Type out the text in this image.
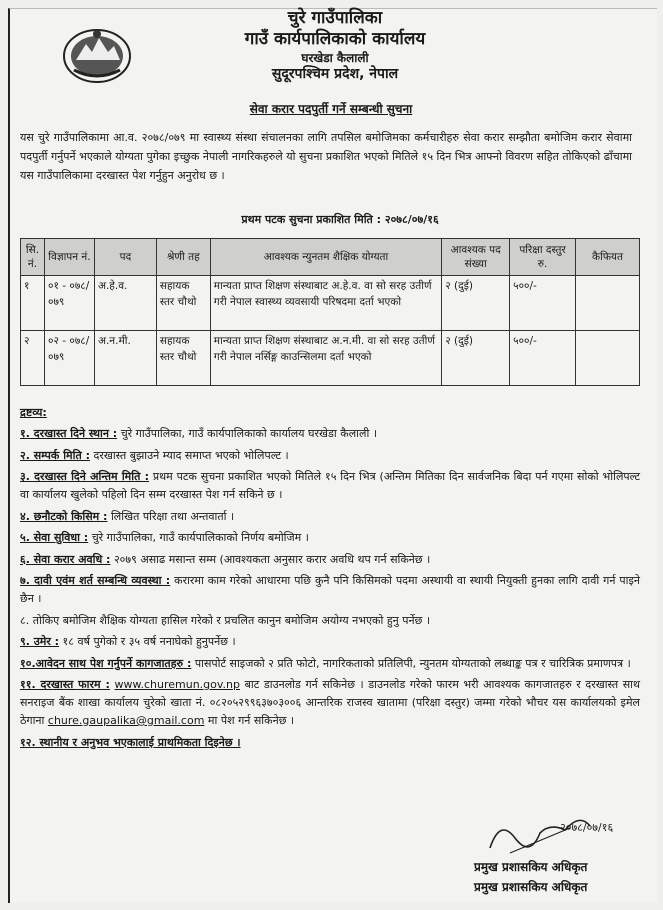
चुरे गाउँपालिका
गाउँ कार्यपालिकाको कार्यालय
घरखेडा कैलाली
सुदूरपश्चिम प्रदेश, नेपाल
सेवा करार पदपुर्ती गर्ने सम्बन्धी सुचना
यस चुरे गाउँपालिकामा आ.व. २०७८/०७९ मा स्वास्थ्य संस्था संचालनका लागि तपसिल बमोजिमका कर्मचारीहरु सेवा करार सम्झौता बमोजिम करार सेवामा पदपुर्ती गर्नुपर्ने भएकाले योग्यता पुगेका इच्छुक नेपाली नागरिकहरुले यो सुचना प्रकाशित भएको मितिले १५ दिन भित्र आफ्नो विवरण सहित तोकिएको ढाँचामा यस गाउँपालिकामा दरखास्त पेश गर्नुहुन अनुरोध छ ।
प्रथम पटक सुचना प्रकाशित मिति : २०७८/०७/१६
सि. नं.	विज्ञापन नं.	पद	श्रेणी तह	आवश्यक न्युनतम शैक्षिक योग्यता	आवश्यक पद संख्या	परिक्षा दस्तुर रु.	कैफियत
१	०१ - ०७८/ ०७९	अ.हे.व.	सहायक स्तर चौथो	मान्यता प्राप्त शिक्षण संस्थाबाट अ.हे.व. वा सो सरह उतीर्ण गरी नेपाल स्वास्थ्य व्यवसायी परिषदमा दर्ता भएको	२ (दुई)	५००/-	
२	०२ - ०७८/ ०७९	अ.न.मी.	सहायक स्तर चौथो	मान्यता प्राप्त शिक्षण संस्थाबाट अ.न.मी. वा सो सरह उतीर्ण गरी नेपाल नर्सिङ्ग काउन्सिलमा दर्ता भएको	२ (दुई)	५००/-	
द्रष्टव्य:
१. दरखास्त दिने स्थान : चुरे गाउँपालिका, गाउँ कार्यपालिकाको कार्यालय घरखेडा कैलाली ।
२. सम्पर्क मिति : दरखास्त बुझाउने म्याद समाप्त भएको भोलिपल्ट ।
३. दरखास्त दिने अन्तिम मिति : प्रथम पटक सुचना प्रकाशित भएको मितिले १५ दिन भित्र (अन्तिम मितिका दिन सार्वजनिक बिदा पर्न गएमा सोको भोलिपल्ट वा कार्यालय खुलेको पहिलो दिन सम्म दरखास्त पेश गर्न सकिने छ ।
४. छनौटको किसिम : लिखित परिक्षा तथा अन्तवार्ता ।
५. सेवा सुविधा : चुरे गाउँपालिका, गाउँ कार्यपालिकाको निर्णय बमोजिम ।
६. सेवा करार अवधि : २०७९ असाढ मसान्त सम्म (आवश्यकता अनुसार करार अवधि थप गर्न सकिनेछ ।
७. दावी एवंम शर्त सम्बन्धि व्यवस्था : करारमा काम गरेको आधारमा पछि कुनै पनि किसिमको पदमा अस्थायी वा स्थायी नियुक्ती हुनका लागि दावी गर्न पाइने छैन ।
८. तोकिए बमोजिम शैक्षिक योग्यता हासिल गरेको र प्रचलित कानुन बमोजिम अयोग्य नभएको हुनु पर्नेछ ।
९. उमेर : १८ वर्ष पुगेको र ३५ वर्ष ननाघेको हुनुपर्नेछ ।
१०.आवेदन साथ पेश गर्नुपर्ने कागजातहरु : पासपोर्ट साइजको २ प्रति फोटो, नागरिकताको प्रतिलिपी, न्युनतम योग्यताको लब्धाङ्क पत्र र चारित्रिक प्रमाणपत्र ।
११. दरखास्त फारम : www.churemun.gov.np बाट डाउनलोड गर्न सकिनेछ । डाउनलोड गरेको फारम भरी आवश्यक कागजातहरु र दरखास्त साथ सनराइज बैंक शाखा कार्यालय चुरेको खाता नं. ०८२०५२९९६३७०३००६ आन्तरिक राजस्व खातामा (परिक्षा दस्तुर) जम्मा गरेको भौचर यस कार्यालयको इमेल ठेगाना chure.gaupalika@gmail.com मा पेश गर्न सकिनेछ ।
१२. स्थानीय र अनुभव भएकालाई प्राथमिकता दिइनेछ ।
२०७८/०७/१६
प्रमुख प्रशासकिय अधिकृत
प्रमुख प्रशासकिय अधिकृत
